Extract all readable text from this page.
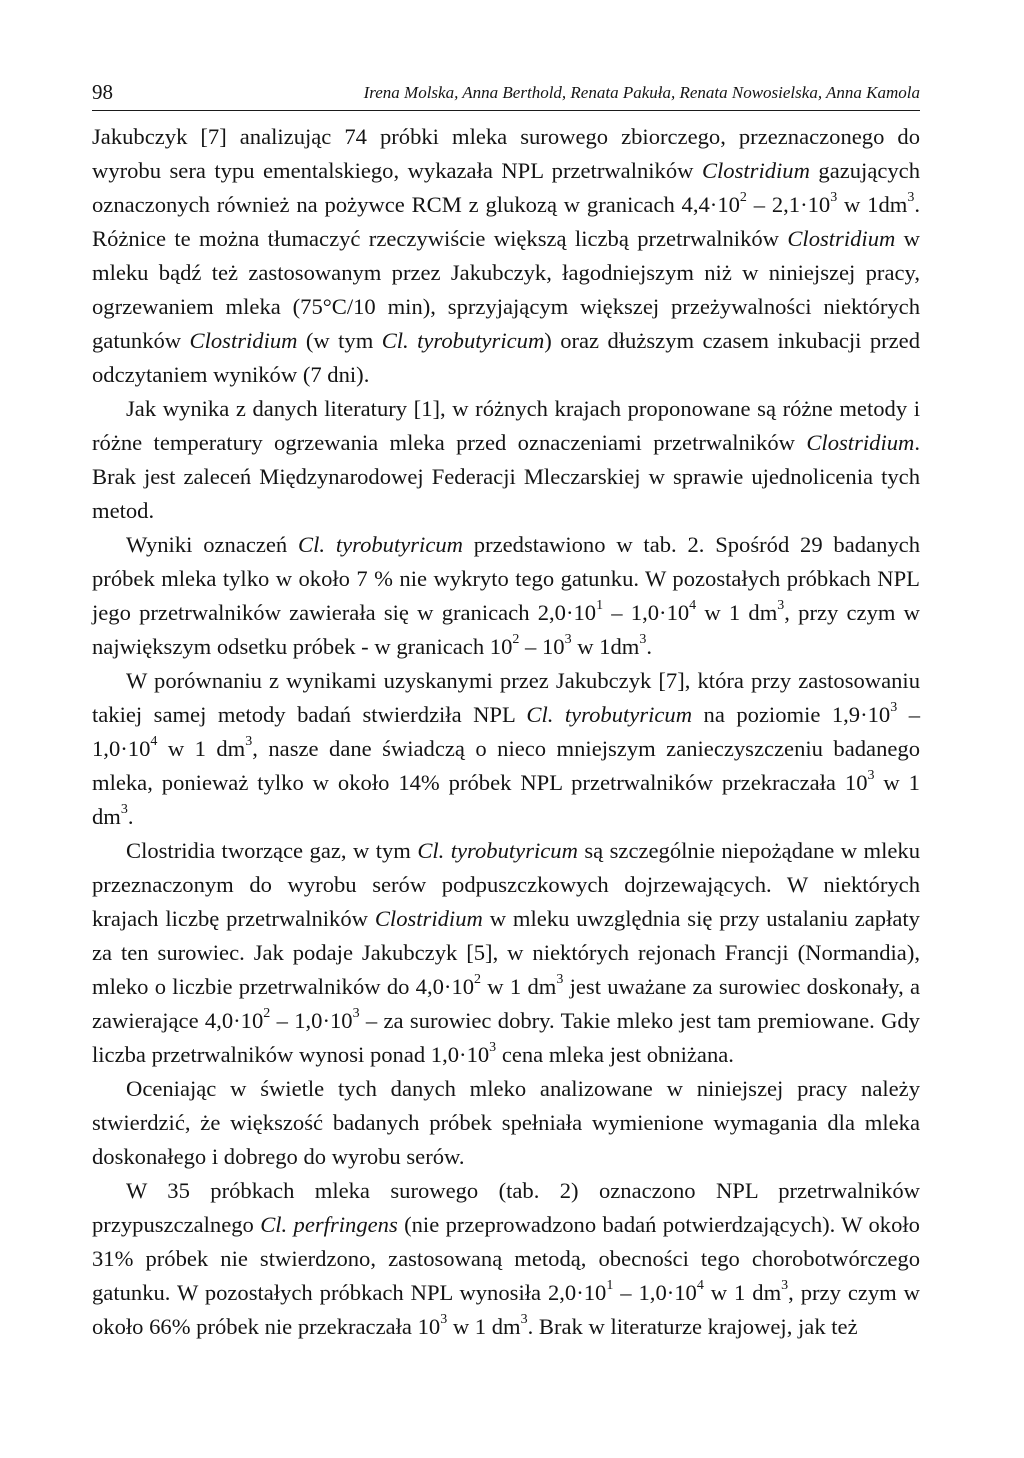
98	Irena Molska, Anna Berthold, Renata Pakuła, Renata Nowosielska, Anna Kamola

Jakubczyk [7] analizując 74 próbki mleka surowego zbiorczego, przeznaczonego do wyrobu sera typu ementalskiego, wykazała NPL przetrwalników Clostridium gazujących oznaczonych również na pożywce RCM z glukozą w granicach $4,4\cdot 10^2 - 2,1\cdot 10^3$ w $1dm^3$. Różnice te można tłumaczyć rzeczywiście większą liczbą przetrwalników Clostridium w mleku bądź też zastosowanym przez Jakubczyk, łagodniejszym niż w niniejszej pracy, ogrzewaniem mleka (75°C/10 min), sprzyjającym większej przeżywalności niektórych gatunków Clostridium (w tym Cl. tyrobutyricum) oraz dłuższym czasem inkubacji przed odczytaniem wyników (7 dni).

Jak wynika z danych literatury [1], w różnych krajach proponowane są różne metody i różne temperatury ogrzewania mleka przed oznaczeniami przetrwalników Clostridium. Brak jest zaleceń Międzynarodowej Federacji Mleczarskiej w sprawie ujednolicenia tych metod.

Wyniki oznaczeń Cl. tyrobutyricum przedstawiono w tab. 2. Spośród 29 badanych próbek mleka tylko w około 7 % nie wykryto tego gatunku. W pozostałych próbkach NPL jego przetrwalników zawierała się w granicach $2,0\cdot 10^1 - 1,0\cdot 10^4$ w 1 $dm^3$, przy czym w największym odsetku próbek - w granicach $10^2 - 10^3$ w $1dm^3$.

W porównaniu z wynikami uzyskanymi przez Jakubczyk [7], która przy zastosowaniu takiej samej metody badań stwierdziła NPL Cl. tyrobutyricum na poziomie $1,9\cdot 10^3 - 1,0\cdot 10^4$ w 1 $dm^3$, nasze dane świadczą o nieco mniejszym zanieczyszczeniu badanego mleka, ponieważ tylko w około 14% próbek NPL przetrwalników przekraczała $10^3$ w 1 $dm^3$.

Clostridia tworzące gaz, w tym Cl. tyrobutyricum są szczególnie niepożądane w mleku przeznaczonym do wyrobu serów podpuszczkowych dojrzewających. W niektórych krajach liczbę przetrwalników Clostridium w mleku uwzględnia się przy ustalaniu zapłaty za ten surowiec. Jak podaje Jakubczyk [5], w niektórych rejonach Francji (Normandia), mleko o liczbie przetrwalników do $4,0\cdot 10^2$ w 1 $dm^3$ jest uważane za surowiec doskonały, a zawierające $4,0\cdot 10^2 - 1,0\cdot 10^3$ – za surowiec dobry. Takie mleko jest tam premiowane. Gdy liczba przetrwalników wynosi ponad $1,0\cdot 10^3$ cena mleka jest obniżana.

Oceniając w świetle tych danych mleko analizowane w niniejszej pracy należy stwierdzić, że większość badanych próbek spełniała wymienione wymagania dla mleka doskonałego i dobrego do wyrobu serów.

W 35 próbkach mleka surowego (tab. 2) oznaczono NPL przetrwalników przypuszczalnego Cl. perfringens (nie przeprowadzono badań potwierdzających). W około 31% próbek nie stwierdzono, zastosowaną metodą, obecności tego chorobotwórczego gatunku. W pozostałych próbkach NPL wynosiła $2,0\cdot 10^1 - 1,0\cdot 10^4$ w 1 $dm^3$, przy czym w około 66% próbek nie przekraczała $10^3$ w 1 $dm^3$. Brak w literaturze krajowej, jak też
